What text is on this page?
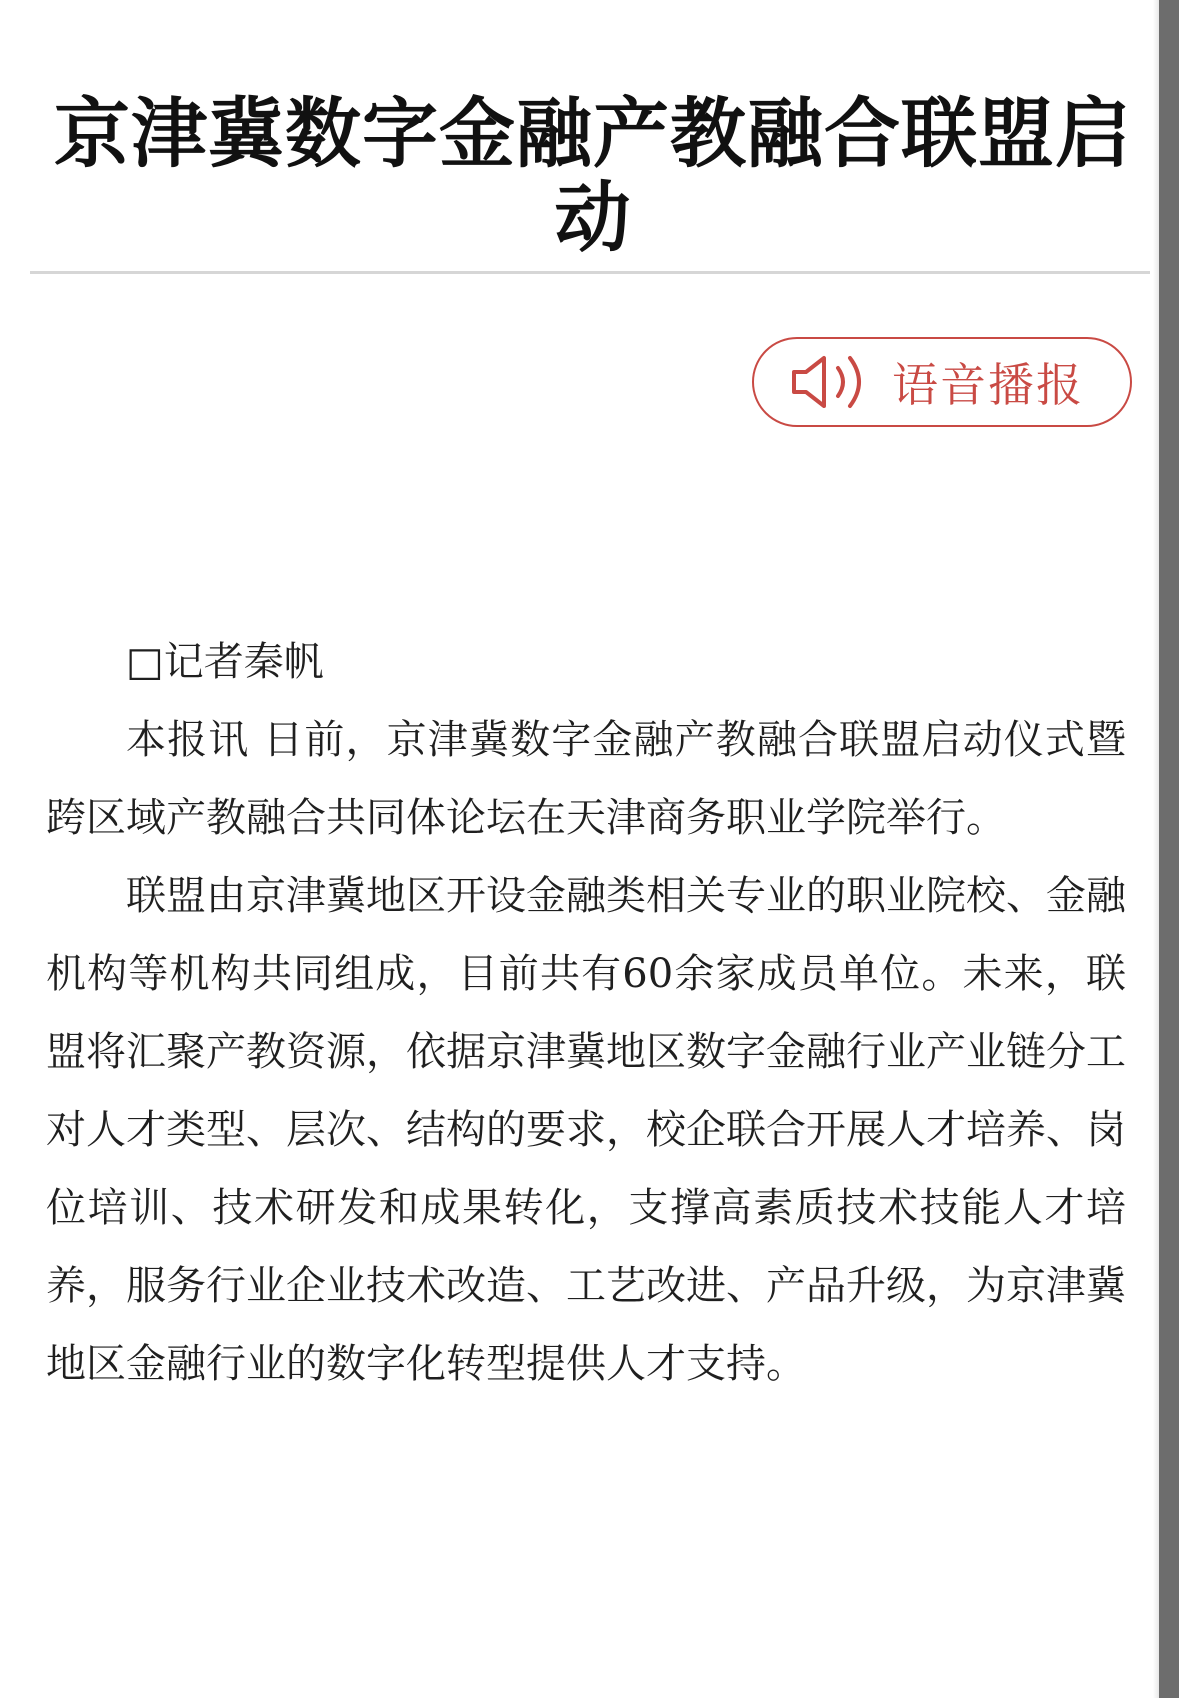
京津冀数字金融产教融合联盟启动
语音播报

□记者秦帆

本报讯 日前，京津冀数字金融产教融合联盟启动仪式暨跨区域产教融合共同体论坛在天津商务职业学院举行。

联盟由京津冀地区开设金融类相关专业的职业院校、金融机构等机构共同组成，目前共有60余家成员单位。未来，联盟将汇聚产教资源，依据京津冀地区数字金融行业产业链分工对人才类型、层次、结构的要求，校企联合开展人才培养、岗位培训、技术研发和成果转化，支撑高素质技术技能人才培养，服务行业企业技术改造、工艺改进、产品升级，为京津冀地区金融行业的数字化转型提供人才支持。
